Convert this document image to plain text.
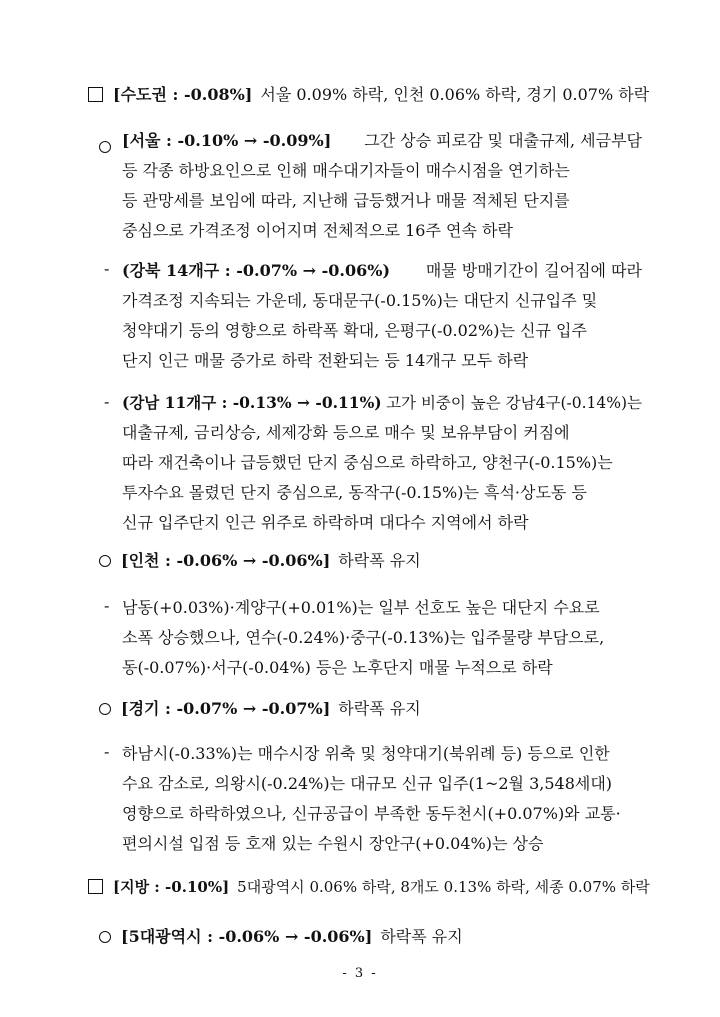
[수도권 : -0.08%] 서울 0.09% 하락, 인천 0.06% 하락, 경기 0.07% 하락
[서울 : -0.10% → -0.09%] 그간 상승 피로감 및 대출규제, 세금부담
등 각종 하방요인으로 인해 매수대기자들이 매수시점을 연기하는
등 관망세를 보임에 따라, 지난해 급등했거나 매물 적체된 단지를
중심으로 가격조정 이어지며 전체적으로 16주 연속 하락
- (강북 14개구 : -0.07% → -0.06%) 매물 방매기간이 길어짐에 따라
가격조정 지속되는 가운데, 동대문구(-0.15%)는 대단지 신규입주 및
청약대기 등의 영향으로 하락폭 확대, 은평구(-0.02%)는 신규 입주
단지 인근 매물 증가로 하락 전환되는 등 14개구 모두 하락
- (강남 11개구 : -0.13% → -0.11%) 고가 비중이 높은 강남4구(-0.14%)는
대출규제, 금리상승, 세제강화 등으로 매수 및 보유부담이 커짐에
따라 재건축이나 급등했던 단지 중심으로 하락하고, 양천구(-0.15%)는
투자수요 몰렸던 단지 중심으로, 동작구(-0.15%)는 흑석·상도동 등
신규 입주단지 인근 위주로 하락하며 대다수 지역에서 하락
[인천 : -0.06% → -0.06%] 하락폭 유지
- 남동(+0.03%)·계양구(+0.01%)는 일부 선호도 높은 대단지 수요로
소폭 상승했으나, 연수(-0.24%)·중구(-0.13%)는 입주물량 부담으로,
동(-0.07%)·서구(-0.04%) 등은 노후단지 매물 누적으로 하락
[경기 : -0.07% → -0.07%] 하락폭 유지
- 하남시(-0.33%)는 매수시장 위축 및 청약대기(북위례 등) 등으로 인한
수요 감소로, 의왕시(-0.24%)는 대규모 신규 입주(1~2월 3,548세대)
영향으로 하락하였으나, 신규공급이 부족한 동두천시(+0.07%)와 교통·
편의시설 입점 등 호재 있는 수원시 장안구(+0.04%)는 상승
[지방 : -0.10%] 5대광역시 0.06% 하락, 8개도 0.13% 하락, 세종 0.07% 하락
[5대광역시 : -0.06% → -0.06%] 하락폭 유지
- 3 -
